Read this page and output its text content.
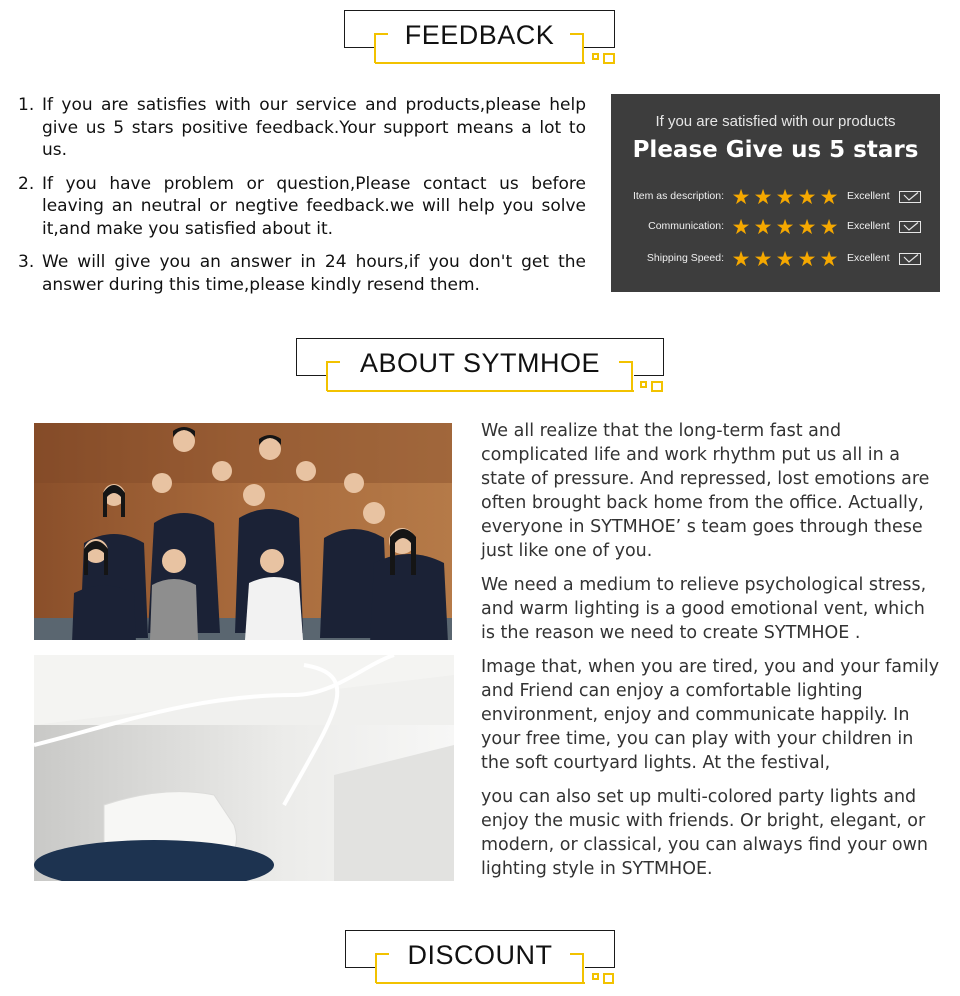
FEEDBACK
1. If you are satisfies with our service and products,please help give us 5 stars positive feedback.Your support means a lot to us.
2. If you have problem or question,Please contact us before leaving an neutral or negtive feedback.we will help you solve it,and make you satisfied about it.
3. We will give you an answer in 24 hours,if you don't get the answer during this time,please kindly resend them.
If you are satisfied with our products
Please Give us 5 stars
Item as description: ★ ★ ★ ★ ★ Excellent
Communication: ★ ★ ★ ★ ★ Excellent
Shipping Speed: ★ ★ ★ ★ ★ Excellent
ABOUT SYTMHOE

We all realize that the long-term fast and complicated life and work rhythm put us all in a state of pressure. And repressed, lost emotions are often brought back home from the office. Actually, everyone in SYTMHOE’ s team goes through these just like one of you.

We need a medium to relieve psychological stress, and warm lighting is a good emotional vent, which is the reason we need to create SYTMHOE .

Image that, when you are tired, you and your family and Friend can enjoy a comfortable lighting environment, enjoy and communicate happily. In your free time, you can play with your children in the soft courtyard lights. At the festival,

you can also set up multi-colored party lights and enjoy the music with friends. Or bright, elegant, or modern, or classical, you can always find your own lighting style in SYTMHOE.

DISCOUNT
